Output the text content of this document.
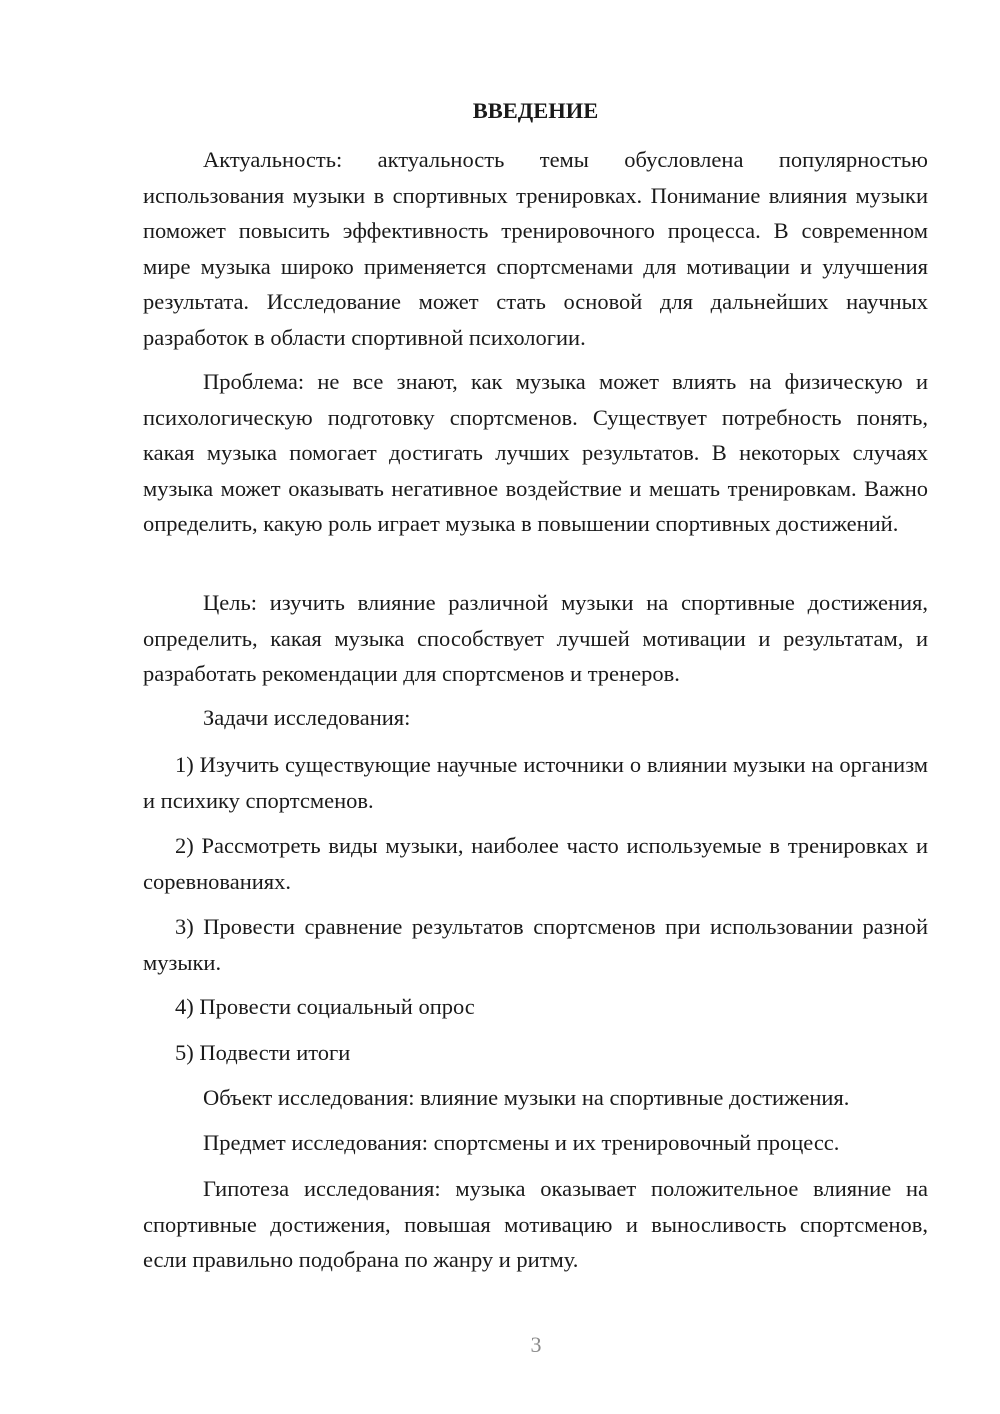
ВВЕДЕНИЕ

Актуальность: актуальность темы обусловлена популярностью использования музыки в спортивных тренировках. Понимание влияния музыки поможет повысить эффективность тренировочного процесса. В современном мире музыка широко применяется спортсменами для мотивации и улучшения результата. Исследование может стать основой для дальнейших научных разработок в области спортивной психологии.

Проблема: не все знают, как музыка может влиять на физическую и психологическую подготовку спортсменов. Существует потребность понять, какая музыка помогает достигать лучших результатов. В некоторых случаях музыка может оказывать негативное воздействие и мешать тренировкам. Важно определить, какую роль играет музыка в повышении спортивных достижений.

Цель: изучить влияние различной музыки на спортивные достижения, определить, какая музыка способствует лучшей мотивации и результатам, и разработать рекомендации для спортсменов и тренеров.

Задачи исследования:

1) Изучить существующие научные источники о влиянии музыки на организм и психику спортсменов.

2) Рассмотреть виды музыки, наиболее часто используемые в тренировках и соревнованиях.

3) Провести сравнение результатов спортсменов при использовании разной музыки.

4) Провести социальный опрос

5) Подвести итоги

Объект исследования: влияние музыки на спортивные достижения.

Предмет исследования: спортсмены и их тренировочный процесс.

Гипотеза исследования: музыка оказывает положительное влияние на спортивные достижения, повышая мотивацию и выносливость спортсменов, если правильно подобрана по жанру и ритму.

3
